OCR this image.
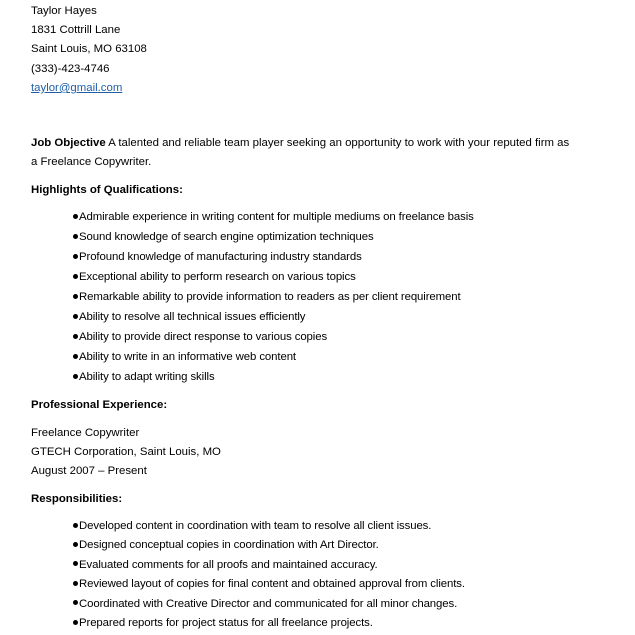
Taylor Hayes
1831 Cottrill Lane
Saint Louis, MO 63108
(333)-423-4746
taylor@gmail.com
Job Objective A talented and reliable team player seeking an opportunity to work with your reputed firm as
a Freelance Copywriter.
Highlights of Qualifications:
Admirable experience in writing content for multiple mediums on freelance basis
Sound knowledge of search engine optimization techniques
Profound knowledge of manufacturing industry standards
Exceptional ability to perform research on various topics
Remarkable ability to provide information to readers as per client requirement
Ability to resolve all technical issues efficiently
Ability to provide direct response to various copies
Ability to write in an informative web content
Ability to adapt writing skills
Professional Experience:
Freelance Copywriter
GTECH Corporation, Saint Louis, MO
August 2007 – Present
Responsibilities:
Developed content in coordination with team to resolve all client issues.
Designed conceptual copies in coordination with Art Director.
Evaluated comments for all proofs and maintained accuracy.
Reviewed layout of copies for final content and obtained approval from clients.
Coordinated with Creative Director and communicated for all minor changes.
Prepared reports for project status for all freelance projects.
